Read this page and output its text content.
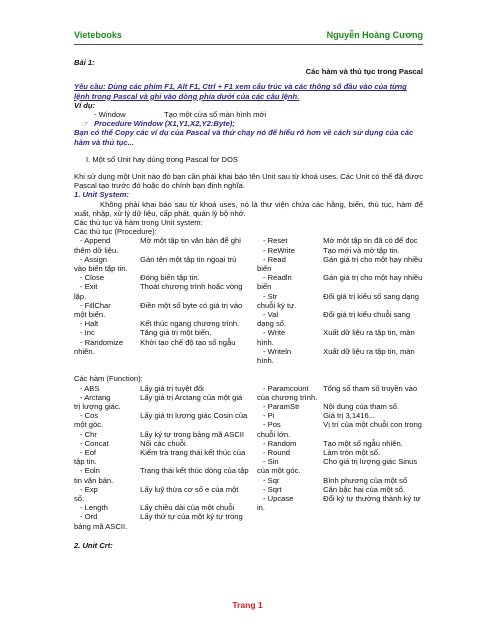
Vietebooks	Nguyễn Hoàng Cương
Bài 1:
Các hàm và thủ tục trong Pascal
Yêu cầu: Dùng các phím F1, Alt F1, Ctrl + F1 xem cấu trúc và các thông số đầu vào của từng lệnh trong Pascal và ghi vào dòng phía dưới của các câu lệnh.
Ví dụ:
- Window	Tạo một cửa sổ màn hình mới
☞ Procedure Window (X1,Y1,X2,Y2:Byte);
Bạn có thể Copy các ví dụ của Pascal và thử chạy nó để hiểu rõ hơn về cách sử dụng của các hàm và thủ tục...
I. Một số Unit hay dùng trong Pascal for DOS
Khi sử dụng một Unit nào đó bạn cần phải khai báo tên Unit sau từ khoá uses. Các Unit có thể đã được Pascal tạo trước đó hoặc do chính bạn định nghĩa.
1. Unit System:
Không phải khai báo sau từ khoá uses, nó là thư viện chứa các hằng, biến, thủ tục, hàm để xuất, nhập, xử lý dữ liệu, cấp phát, quản lý bộ nhớ.
Các thủ tục và hàm trong Unit system:
Các thủ tục (Procedure):
- Append	Mở một tập tin văn bản để ghi thêm dữ liệu.
- Assign	Gán tên một tập tin ngoại trú vào biến tập tin.
- Close	Đóng biến tập tin.
- Exit	Thoát chương trình hoặc vòng lặp.
- FillChar	Điền một số byte có giá trị vào một biến.
- Halt	Kết thúc ngang chương trình.
- Inc	Tăng giá trị một biến.
- Randomize Khởi tạo chế độ tạo số ngẫu nhiên.
- Reset	Mở một tập tin đã có để đọc
- ReWrite	Tạo mới và mở tập tin.
- Read	Gán giá trị cho một hay nhiều biến
- Readln	Gán giá trị cho một hay nhiều biến
- Str	Đổi giá trị kiểu số sang dạng chuỗi ký tự.
- Val	Đổi giá trị kiểu chuỗi sang dạng số.
- Write	Xuất dữ liệu ra tập tin, màn hình.
- Writeln	Xuất dữ liệu ra tập tin, màn hình.
Các hàm (Function):
- ABS	Lấy giá trị tuyệt đối
- Arctang	Lấy giá trị Arctang của một giá trị lượng giác.
- Cos	Lấy giá trị lượng giác Cosin của một góc.
- Chr	Lấy ký tự trong bảng mã ASCII
- Concat	Nối các chuỗi.
- Eof	Kiểm tra trạng thái kết thúc của tập tin.
- Eoln	Trạng thái kết thúc dòng của tập tin văn bản.
- Exp	Lấy luỹ thừa cơ số e của một số.
- Length	Lấy chiều dài của một chuỗi
- Ord	Lấy thứ tự của một ký tự trong bảng mã ASCII.
- Paramcount Tổng số tham số truyền vào của chương trình.
- ParamStr	Nội dung của tham số.
- Pi	Giá trị 3,1416...
- Pos	Vị trí của một chuỗi con trong chuỗi lớn.
- Random	Tạo một số ngẫu nhiên.
- Round	Làm tròn một số.
- Sin	Cho giá trị lượng giác Sinus của một góc.
- Sqr	Bình phương của một số
- Sqrt	Căn bậc hai của một số.
- Upcase	Đổi ký tự thường thành ký tự in.
2. Unit Crt:
Trang 1
